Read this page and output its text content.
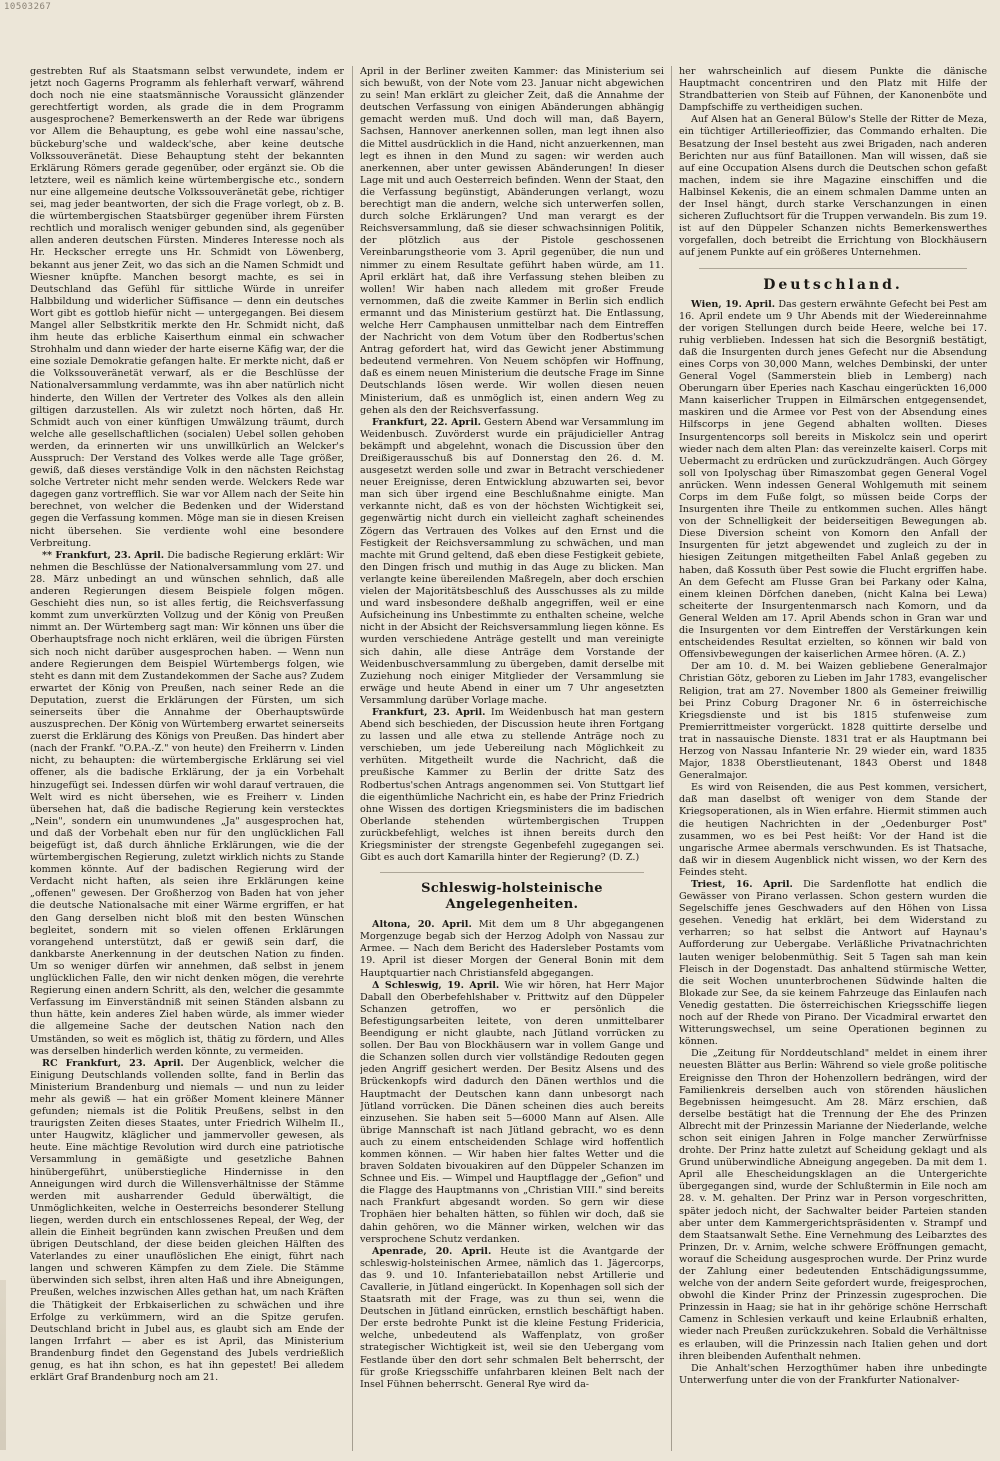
10503267

gestrebten Ruf als Staatsmann selbst verwundete, indem er jetzt noch Gagerns Programm als fehlerhaft verwarf, während doch noch nie eine staatsmännische Voraussicht glänzender gerechtfertigt worden, als grade die in dem Programm ausgesprochene? Bemerkenswerth an der Rede war übrigens vor Allem die Behauptung, es gebe wohl eine nassau'sche, bückeburg'sche und waldeck'sche, aber keine deutsche Volkssouveränetät. Diese Behauptung steht der bekannten Erklärung Römers gerade gegenüber, oder ergänzt sie. Ob die letztere, weil es nämlich keine würtembergische etc., sondern nur eine allgemeine deutsche Volkssouveränetät gebe, richtiger sei, mag jeder beantworten, der sich die Frage vorlegt, ob z. B. die würtembergischen Staatsbürger gegenüber ihrem Fürsten rechtlich und moralisch weniger gebunden sind, als gegenüber allen anderen deutschen Fürsten. Minderes Interesse noch als Hr. Heckscher erregte uns Hr. Schmidt von Löwenberg, bekannt aus jener Zeit, wo das sich an die Namen Schmidt und Wiesner knüpfte. Manchen besorgt machte, es sei in Deutschland das Gefühl für sittliche Würde in unreifer Halbbildung und widerlicher Süffisance — denn ein deutsches Wort gibt es gottlob hiefür nicht — untergegangen. Bei diesem Mangel aller Selbstkritik merkte den Hr. Schmidt nicht, daß ihm heute das erbliche Kaiserthum einmal ein schwacher Strohhalm und dann wieder der harte eiserne Käfig war, der die eine soziale Demokratie gefangen halte. Er merkte nicht, daß er die Volkssouveränetät verwarf, als er die Beschlüsse der Nationalversammlung verdammte, was ihn aber natürlich nicht hinderte, den Willen der Vertreter des Volkes als den allein giltigen darzustellen. Als wir zuletzt noch hörten, daß Hr. Schmidt auch von einer künftigen Umwälzung träumt, durch welche alle gesellschaftlichen (socialen) Uebel sollen gehoben werden, da erinnerten wir uns unwillkürlich an Welcker's Ausspruch: Der Verstand des Volkes werde alle Tage größer, gewiß, daß dieses verständige Volk in den nächsten Reichstag solche Vertreter nicht mehr senden werde. Welckers Rede war dagegen ganz vortrefflich. Sie war vor Allem nach der Seite hin berechnet, von welcher die Bedenken und der Widerstand gegen die Verfassung kommen. Möge man sie in diesen Kreisen nicht übersehen. Sie verdiente wohl eine besondere Verbreitung.

** Frankfurt, 23. April. Die badische Regierung erklärt: Wir nehmen die Beschlüsse der Nationalversammlung vom 27. und 28. März unbedingt an und wünschen sehnlich, daß alle anderen Regierungen diesem Beispiele folgen mögen. Geschieht dies nun, so ist alles fertig, die Reichsverfassung kommt zum unverkürzten Vollzug und der König von Preußen nimmt an. Der Würtemberg sagt man: Wir können uns über die Oberhauptsfrage noch nicht erklären, weil die übrigen Fürsten sich noch nicht darüber ausgesprochen haben. — Wenn nun andere Regierungen dem Beispiel Würtembergs folgen, wie steht es dann mit dem Zustandekommen der Sache aus? Zudem erwartet der König von Preußen, nach seiner Rede an die Deputation, zuerst die Erklärungen der Fürsten, um sich seinerseits über die Annahme der Oberhauptswürde auszusprechen. Der König von Würtemberg erwartet seinerseits zuerst die Erklärung des Königs von Preußen. Das hindert aber (nach der Frankf. "O.P.A.-Z." von heute) den Freiherrn v. Linden nicht, zu behaupten: die würtembergische Erklärung sei viel offener, als die badische Erklärung, der ja ein Vorbehalt hinzugefügt sei. Indessen dürfen wir wohl darauf vertrauen, die Welt wird es nicht übersehen, wie es Freiherr v. Linden übersehen hat, daß die badische Regierung kein verstecktes „Nein", sondern ein unumwundenes „Ja" ausgesprochen hat, und daß der Vorbehalt eben nur für den unglücklichen Fall beigefügt ist, daß durch ähnliche Erklärungen, wie die der würtembergischen Regierung, zuletzt wirklich nichts zu Stande kommen könnte. Auf der badischen Regierung wird der Verdacht nicht haften, als seien ihre Erklärungen keine „offenen" gewesen. Der Großherzog von Baden hat von jeher die deutsche Nationalsache mit einer Wärme ergriffen, er hat den Gang derselben nicht bloß mit den besten Wünschen begleitet, sondern mit so vielen offenen Erklärungen vorangehend unterstützt, daß er gewiß sein darf, die dankbarste Anerkennung in der deutschen Nation zu finden. Um so weniger dürfen wir annehmen, daß selbst in jenem unglücklichen Falle, den wir nicht denken mögen, die verehrte Regierung einen andern Schritt, als den, welcher die gesammte Verfassung im Einverständniß mit seinen Ständen alsbann zu thun hätte, kein anderes Ziel haben würde, als immer wieder die allgemeine Sache der deutschen Nation nach den Umständen, so weit es möglich ist, thätig zu fördern, und Alles was derselben hinderlich werden könnte, zu vermeiden.

RC Frankfurt, 23. April. Der Augenblick, welcher die Einigung Deutschlands vollenden sollte, fand in Berlin das Ministerium Brandenburg und niemals — und nun zu leider mehr als gewiß — hat ein größer Moment kleinere Männer gefunden; niemals ist die Politik Preußens, selbst in den traurigsten Zeiten dieses Staates, unter Friedrich Wilhelm II., unter Haugwitz, kläglicher und jammervoller gewesen, als heute. Eine mächtige Revolution wird durch eine patriotische Versammlung in gemäßigte und gesetzliche Bahnen hinübergeführt, unüberstiegliche Hindernisse in den Anneigungen wird durch die Willensverhältnisse der Stämme werden mit ausharrender Geduld überwältigt, die Unmöglichkeiten, welche in Oesterreichs besonderer Stellung liegen, werden durch ein entschlossenes Repeal, der Weg, der allein die Einheit begründen kann zwischen Preußen und dem übrigen Deutschland, der diese beiden gleichen Hälften des Vaterlandes zu einer unauflöslichen Ehe einigt, führt nach langen und schweren Kämpfen zu dem Ziele. Die Stämme überwinden sich selbst, ihren alten Haß und ihre Abneigungen, Preußen, welches inzwischen Alles gethan hat, um nach Kräften die Thätigkeit der Erbkaiserlichen zu schwächen und ihre Erfolge zu verkümmern, wird an die Spitze gerufen. Deutschland bricht in Jubel aus, es glaubt sich am Ende der langen Irrfahrt — aber es ist April, das Ministerium Brandenburg findet den Gegenstand des Jubels verdrießlich genug, es hat ihn schon, es hat ihn gepestet! Bei alledem erklärt Graf Brandenburg noch am 21.

April in der Berliner zweiten Kammer: das Ministerium sei sich bewußt, von der Note vom 23. Januar nicht abgewichen zu sein! Man erklärt zu gleicher Zeit, daß die Annahme der deutschen Verfassung von einigen Abänderungen abhängig gemacht werden muß. Und doch will man, daß Bayern, Sachsen, Hannover anerkennen sollen, man legt ihnen also die Mittel ausdrücklich in die Hand, nicht anzuerkennen, man legt es ihnen in den Mund zu sagen: wir werden auch anerkennen, aber unter gewissen Abänderungen! In dieser Lage mit und auch Oesterreich befinden. Wenn der Staat, den die Verfassung begünstigt, Abänderungen verlangt, wozu berechtigt man die andern, welche sich unterwerfen sollen, durch solche Erklärungen? Und man verargt es der Reichsversammlung, daß sie dieser schwachsinnigen Politik, der plötzlich aus der Pistole geschossenen Vereinbarungstheorie vom 3. April gegenüber, die nun und nimmer zu einem Resultate geführt haben würde, am 11. April erklärt hat, daß ihre Verfassung stehen bleiben zu wollen! Wir haben nach alledem mit großer Freude vernommen, daß die zweite Kammer in Berlin sich endlich ermannt und das Ministerium gestürzt hat. Die Entlassung, welche Herr Camphausen unmittelbar nach dem Eintreffen der Nachricht von dem Votum über den Rodbertus'schen Antrag gefordert hat, wird das Gewicht jener Abstimmung bedeutend vermehren. Von Neuem schöpfen wir Hoffnung, daß es einem neuen Ministerium die deutsche Frage im Sinne Deutschlands lösen werde. Wir wollen diesen neuen Ministerium, daß es unmöglich ist, einen andern Weg zu gehen als den der Reichsverfassung.

Frankfurt, 22. April. Gestern Abend war Versammlung im Weidenbusch. Zuvörderst wurde ein präjudicieller Antrag bekämpft und abgelehnt, wonach die Discussion über den Dreißigerausschuß bis auf Donnerstag den 26. d. M. ausgesetzt werden solle und zwar in Betracht verschiedener neuer Ereignisse, deren Entwicklung abzuwarten sei, bevor man sich über irgend eine Beschlußnahme einigte. Man verkannte nicht, daß es von der höchsten Wichtigkeit sei, gegenwärtig nicht durch ein vielleicht zaghaft scheinendes Zögern das Vertrauen des Volkes auf den Ernst und die Festigkeit der Reichsversammlung zu schwächen, und man machte mit Grund geltend, daß eben diese Festigkeit gebiete, den Dingen frisch und muthig in das Auge zu blicken. Man verlangte keine übereilenden Maßregeln, aber doch erschien vielen der Majoritätsbeschluß des Ausschusses als zu milde und ward insbesondere deßhalb angegriffen, weil er eine Aufsicheinung ins Unbestimmte zu enthalten scheine, welche nicht in der Absicht der Reichsversammlung liegen könne. Es wurden verschiedene Anträge gestellt und man vereinigte sich dahin, alle diese Anträge dem Vorstande der Weidenbuschversammlung zu übergeben, damit derselbe mit Zuziehung noch einiger Mitglieder der Versammlung sie erwäge und heute Abend in einer um 7 Uhr angesetzten Versammlung darüber Vorlage mache.

Frankfurt, 23. April. Im Weidenbusch hat man gestern Abend sich beschieden, der Discussion heute ihren Fortgang zu lassen und alle etwa zu stellende Anträge noch zu verschieben, um jede Uebereilung nach Möglichkeit zu verhüten. Mitgetheilt wurde die Nachricht, daß die preußische Kammer zu Berlin der dritte Satz des Rodbertus'schen Antrags angenommen sei. Von Stuttgart lief die eigenthümliche Nachricht ein, es habe der Prinz Friedrich ohne Wissen des dortigen Kriegsministers die im badischen Oberlande stehenden würtembergischen Truppen zurückbefehligt, welches ist ihnen bereits durch den Kriegsminister der strengste Gegenbefehl zugegangen sei. Gibt es auch dort Kamarilla hinter der Regierung? (D. Z.)

Schleswig-holsteinische Angelegenheiten.

Altona, 20. April. Mit dem um 8 Uhr abgegangenen Morgenzuge begab sich der Herzog Adolph von Nassau zur Armee. — Nach dem Bericht des Hadersleber Postamts vom 19. April ist dieser Morgen der General Bonin mit dem Hauptquartier nach Christiansfeld abgegangen.

Δ Schleswig, 19. April. Wie wir hören, hat Herr Major Daball den Oberbefehlshaber v. Prittwitz auf den Düppeler Schanzen getroffen, wo er persönlich die Befestigungsarbeiten leitete, von deren unmittelbarer Beendigung er nicht glaubte, nach Jütland vorrücken zu sollen. Der Bau von Blockhäusern war in vollem Gange und die Schanzen sollen durch vier vollständige Redouten gegen jeden Angriff gesichert werden. Der Besitz Alsens und des Brückenkopfs wird dadurch den Dänen werthlos und die Hauptmacht der Deutschen kann dann unbesorgt nach Jütland vorrücken. Die Dänen scheinen dies auch bereits einzusehen. Sie haben seit 5—6000 Mann auf Alsen. Alle übrige Mannschaft ist nach Jütland gebracht, wo es denn auch zu einem entscheidenden Schlage wird hoffentlich kommen können. — Wir haben hier faltes Wetter und die braven Soldaten bivouakiren auf den Düppeler Schanzen im Schnee und Eis. — Wimpel und Hauptflagge der „Gefion" und die Flagge des Hauptmanns von „Christian VIII." sind bereits nach Frankfurt abgesandt worden. So gern wir diese Trophäen hier behalten hätten, so fühlen wir doch, daß sie dahin gehören, wo die Männer wirken, welchen wir das versprochene Schutz verdanken.

Apenrade, 20. April. Heute ist die Avantgarde der schleswig-holsteinischen Armee, nämlich das 1. Jägercorps, das 9. und 10. Infanteriebataillon nebst Artillerie und Cavallerie, in Jütland eingerückt. In Kopenhagen soll sich der Staatsrath mit der Frage, was zu thun sei, wenn die Deutschen in Jütland einrücken, ernstlich beschäftigt haben. Der erste bedrohte Punkt ist die kleine Festung Fridericia, welche, unbedeutend als Waffenplatz, von großer strategischer Wichtigkeit ist, weil sie den Uebergang vom Festlande über den dort sehr schmalen Belt beherrscht, der für große Kriegsschiffe unfahrbaren kleinen Belt nach der Insel Fühnen beherrscht. General Rye wird da-

her wahrscheinlich auf diesem Punkte die dänische Hauptmacht concentriren und den Platz mit Hilfe der Strandbatterien von Steib auf Fühnen, der Kanonenböte und Dampfschiffe zu vertheidigen suchen.

Auf Alsen hat an General Bülow's Stelle der Ritter de Meza, ein tüchtiger Artillerieoffizier, das Commando erhalten. Die Besatzung der Insel besteht aus zwei Brigaden, nach anderen Berichten nur aus fünf Bataillonen. Man will wissen, daß sie auf eine Occupation Alsens durch die Deutschen schon gefaßt machen, indem sie ihre Magazine einschiffen und die Halbinsel Kekenis, die an einem schmalen Damme unten an der Insel hängt, durch starke Verschanzungen in einen sicheren Zufluchtsort für die Truppen verwandeln. Bis zum 19. ist auf den Düppeler Schanzen nichts Bemerkenswerthes vorgefallen, doch betreibt die Errichtung von Blockhäusern auf jenem Punkte auf ein größeres Unternehmen.

Deutschland.

Wien, 19. April. Das gestern erwähnte Gefecht bei Pest am 16. April endete um 9 Uhr Abends mit der Wiedereinnahme der vorigen Stellungen durch beide Heere, welche bei 17. ruhig verblieben. Indessen hat sich die Besorgniß bestätigt, daß die Insurgenten durch jenes Gefecht nur die Absendung eines Corps von 30,000 Mann, welches Dembinski, der unter General Vogel (Sammerstein blieb in Lemberg) nach Oberungarn über Eperies nach Kaschau eingerückten 16,000 Mann kaiserlicher Truppen in Eilmärschen entgegensendet, maskiren und die Armee vor Pest von der Absendung eines Hilfscorps in jene Gegend abhalten wollten. Dieses Insurgentencorps soll bereits in Miskolcz sein und operirt wieder nach dem alten Plan: das vereinzelte kaiserl. Corps mit Uebermacht zu erdrücken und zurückzudrängen. Auch Görgey soll von Ipolyschag über Rimaszombat gegen General Vogel anrücken. Wenn indessen General Wohlgemuth mit seinem Corps im dem Fuße folgt, so müssen beide Corps der Insurgenten ihre Theile zu entkommen suchen. Alles hängt von der Schnelligkeit der beiderseitigen Bewegungen ab. Diese Diversion scheint von Komorn den Anfall der Insurgenten für jetzt abgewendet und zugleich zu der in hiesigen Zeitungen mitgetheilten Fabel Anlaß gegeben zu haben, daß Kossuth über Pest sowie die Flucht ergriffen habe. An dem Gefecht am Flusse Gran bei Parkany oder Kalna, einem kleinen Dörfchen daneben, (nicht Kalna bei Lewa) scheiterte der Insurgentenmarsch nach Komorn, und da General Welden am 17. April Abends schon in Gran war und die Insurgenten vor dem Eintreffen der Verstärkungen kein entscheidendes Resultat erzielten, so können wir bald von Offensivbewegungen der kaiserlichen Armee hören. (A. Z.)

Der am 10. d. M. bei Waizen gebliebene Generalmajor Christian Götz, geboren zu Lieben im Jahr 1783, evangelischer Religion, trat am 27. November 1800 als Gemeiner freiwillig bei Prinz Coburg Dragoner Nr. 6 in österreichische Kriegsdienste und ist bis 1815 stufenweise zum Premierrittmeister vorgerückt. 1828 quittirte derselbe und trat in nassauische Dienste. 1831 trat er als Hauptmann bei Herzog von Nassau Infanterie Nr. 29 wieder ein, ward 1835 Major, 1838 Oberstlieutenant, 1843 Oberst und 1848 Generalmajor.

Es wird von Reisenden, die aus Pest kommen, versichert, daß man daselbst oft weniger von dem Stande der Kriegsoperationen, als in Wien erfahre. Hiermit stimmen auch die heutigen Nachrichten in der „Oedenburger Post" zusammen, wo es bei Pest heißt: Vor der Hand ist die ungarische Armee abermals verschwunden. Es ist Thatsache, daß wir in diesem Augenblick nicht wissen, wo der Kern des Feindes steht.

Triest, 16. April. Die Sardenflotte hat endlich die Gewässer von Pirano verlassen. Schon gestern wurden die Segelschiffe jenes Geschwaders auf den Höhen von Lissa gesehen. Venedig hat erklärt, bei dem Widerstand zu verharren; so hat selbst die Antwort auf Haynau's Aufforderung zur Uebergabe. Verläßliche Privatnachrichten lauten weniger belobenmüthig. Seit 5 Tagen sah man kein Fleisch in der Dogenstadt. Das anhaltend stürmische Wetter, die seit Wochen ununterbrochenen Südwinde halten die Blokade zur See, da sie keinem Fahrzeuge das Einlaufen nach Venedig gestatten. Die österreichischen Kriegsschiffe liegen noch auf der Rhede von Pirano. Der Vicadmiral erwartet den Witterungswechsel, um seine Operationen beginnen zu können.

Die „Zeitung für Norddeutschland" meldet in einem ihrer neuesten Blätter aus Berlin: Während so viele große politische Ereignisse den Thron der Hohenzollern bedrängen, wird der Familienkreis derselben auch von störenden häuslichen Begebnissen heimgesucht. Am 28. März erschien, daß derselbe bestätigt hat die Trennung der Ehe des Prinzen Albrecht mit der Prinzessin Marianne der Niederlande, welche schon seit einigen Jahren in Folge mancher Zerwürfnisse drohte. Der Prinz hatte zuletzt auf Scheidung geklagt und als Grund unüberwindliche Abneigung angegeben. Da mit dem 1. April alle Ehescheidungsklagen an die Untergerichte übergegangen sind, wurde der Schlußtermin in Eile noch am 28. v. M. gehalten. Der Prinz war in Person vorgeschritten, später jedoch nicht, der Sachwalter beider Parteien standen aber unter dem Kammergerichtspräsidenten v. Strampf und dem Staatsanwalt Sethe. Eine Vernehmung des Leibarztes des Prinzen, Dr. v. Arnim, welche schwere Eröffnungen gemacht, worauf die Scheidung ausgesprochen wurde. Der Prinz wurde der Zahlung einer bedeutenden Entschädigungssumme, welche von der andern Seite gefordert wurde, freigesprochen, obwohl die Kinder Prinz der Prinzessin zugesprochen. Die Prinzessin in Haag; sie hat in ihr gehörige schöne Herrschaft Camenz in Schlesien verkauft und keine Erlaubniß erhalten, wieder nach Preußen zurückzukehren. Sobald die Verhältnisse es erlauben, will die Prinzessin nach Italien gehen und dort ihren bleibenden Aufenthalt nehmen.

Die Anhalt'schen Herzogthümer haben ihre unbedingte Unterwerfung unter die von der Frankfurter Nationalver-
